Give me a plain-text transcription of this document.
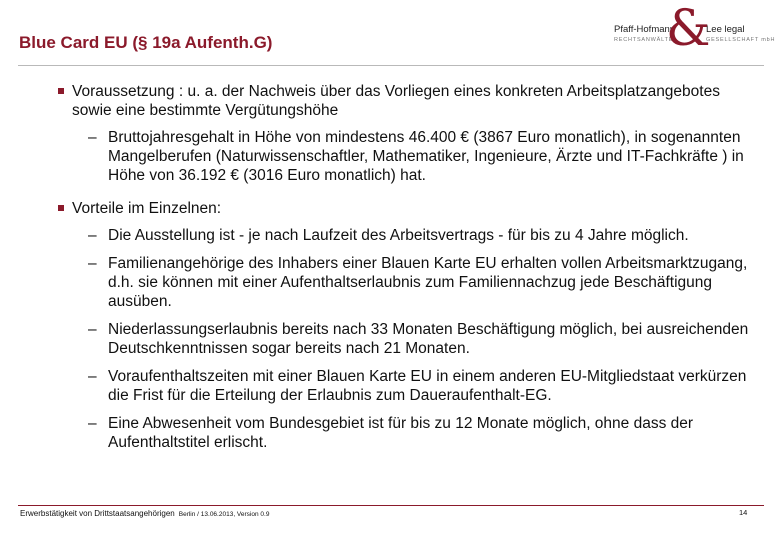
Blue Card EU (§ 19a Aufenth.G)
Pfaff-Hofmann
RECHTSANWÄLTE
&
Lee legal
GESELLSCHAFT mbH
Voraussetzung : u. a. der Nachweis über das Vorliegen eines konkreten Arbeitsplatzangebotes sowie eine bestimmte Vergütungshöhe
– Bruttojahresgehalt in Höhe von mindestens 46.400 € (3867 Euro monatlich), in sogenannten Mangelberufen (Naturwissenschaftler, Mathematiker, Ingenieure, Ärzte und IT-Fachkräfte ) in Höhe von 36.192 € (3016 Euro monatlich) hat.
Vorteile im Einzelnen:
– Die Ausstellung ist - je nach Laufzeit des Arbeitsvertrags - für bis zu 4 Jahre möglich.
– Familienangehörige des Inhabers einer Blauen Karte EU erhalten vollen Arbeitsmarktzugang, d.h. sie können mit einer Aufenthaltserlaubnis zum Familiennachzug jede Beschäftigung ausüben.
– Niederlassungserlaubnis bereits nach 33 Monaten Beschäftigung möglich, bei ausreichenden Deutschkenntnissen sogar bereits nach 21 Monaten.
– Voraufenthaltszeiten mit einer Blauen Karte EU in einem anderen EU-Mitgliedstaat verkürzen die Frist für die Erteilung der Erlaubnis zum Daueraufenthalt-EG.
– Eine Abwesenheit vom Bundesgebiet ist für bis zu 12 Monate möglich, ohne dass der Aufenthaltstitel erlischt.
Erwerbstätigkeit von Drittstaatsangehörigen Berlin / 13.06.2013, Version 0.9	14
